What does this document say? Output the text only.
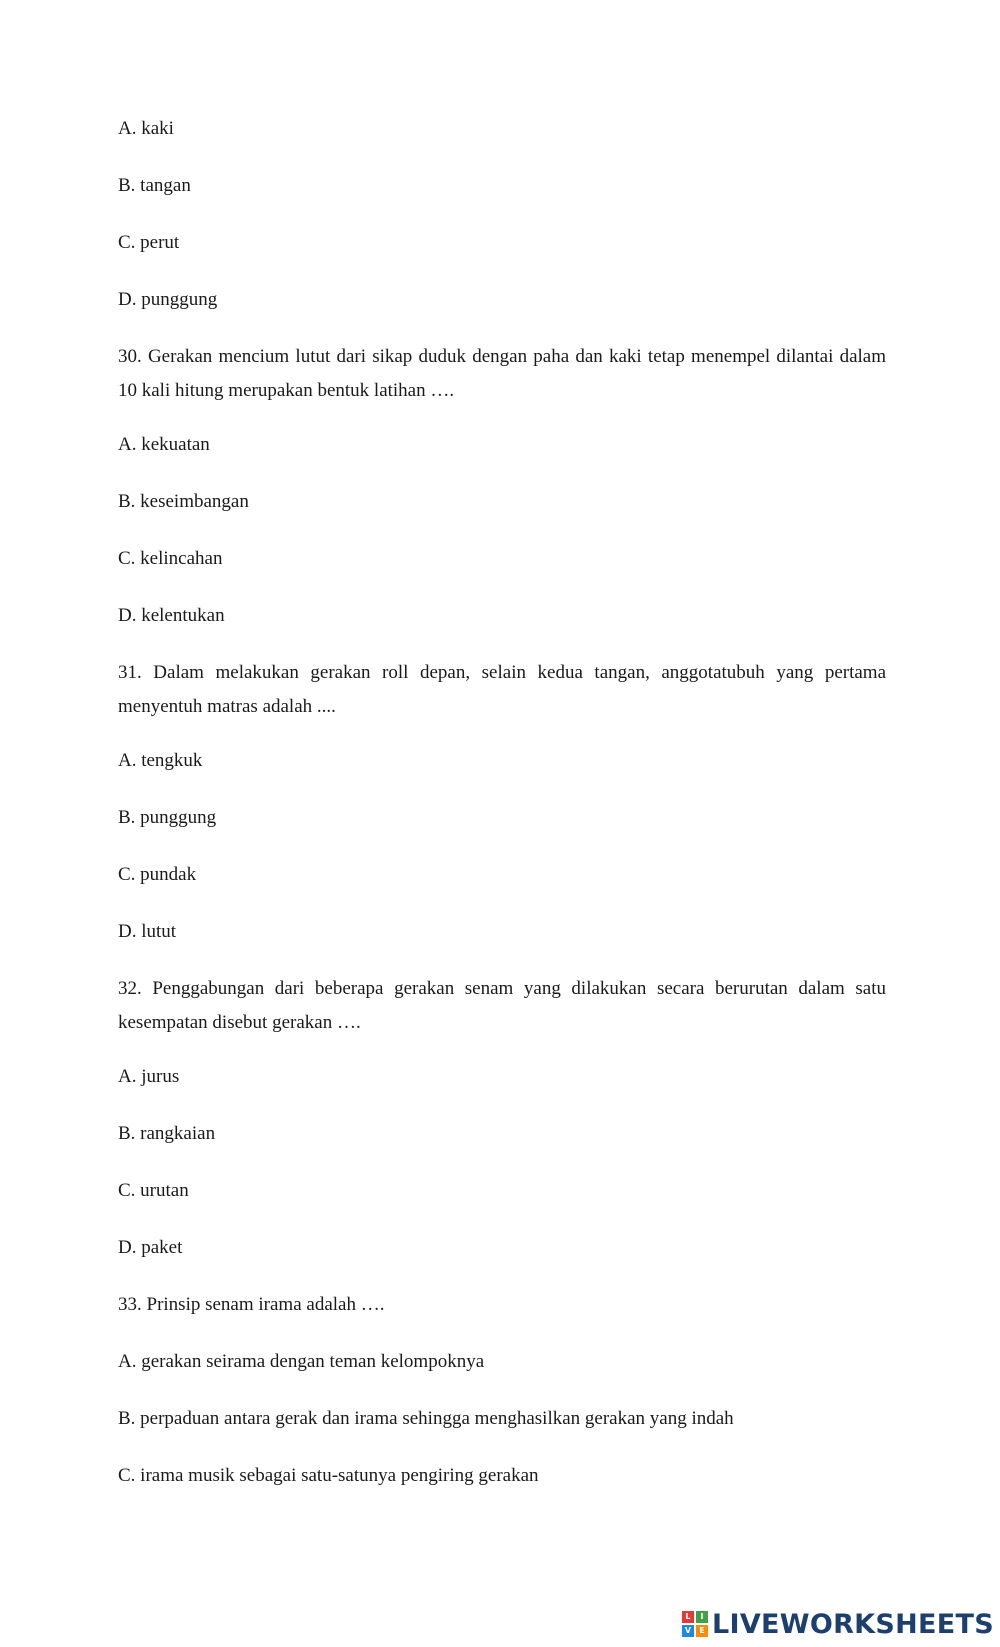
A. kaki

B. tangan

C. perut

D. punggung

30. Gerakan mencium lutut dari sikap duduk dengan paha dan kaki tetap menempel dilantai dalam 10 kali hitung merupakan bentuk latihan ….

A. kekuatan

B. keseimbangan

C. kelincahan

D. kelentukan

31. Dalam melakukan gerakan roll depan, selain kedua tangan, anggotatubuh yang pertama menyentuh matras adalah ....

A. tengkuk

B. punggung

C. pundak

D. lutut

32. Penggabungan dari beberapa gerakan senam yang dilakukan secara berurutan dalam satu kesempatan disebut gerakan ….

A. jurus

B. rangkaian

C. urutan

D. paket

33. Prinsip senam irama adalah ….

A. gerakan seirama dengan teman kelompoknya

B. perpaduan antara gerak dan irama sehingga menghasilkan gerakan yang indah

C. irama musik sebagai satu-satunya pengiring gerakan

L	I
V	E LIVEWORKSHEETS
